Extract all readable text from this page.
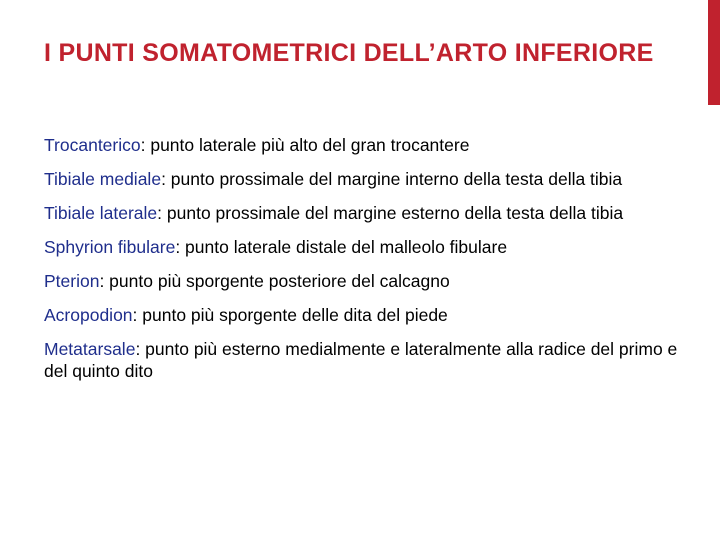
I PUNTI SOMATOMETRICI DELL’ARTO INFERIORE

Trocanterico: punto laterale più alto del gran trocantere

Tibiale mediale: punto prossimale del margine interno della testa della tibia

Tibiale laterale: punto prossimale del margine esterno della testa della tibia

Sphyrion fibulare: punto laterale distale del malleolo fibulare

Pterion: punto più sporgente posteriore del calcagno

Acropodion: punto più sporgente delle dita del piede

Metatarsale: punto più esterno medialmente e lateralmente alla radice del primo e del quinto dito
